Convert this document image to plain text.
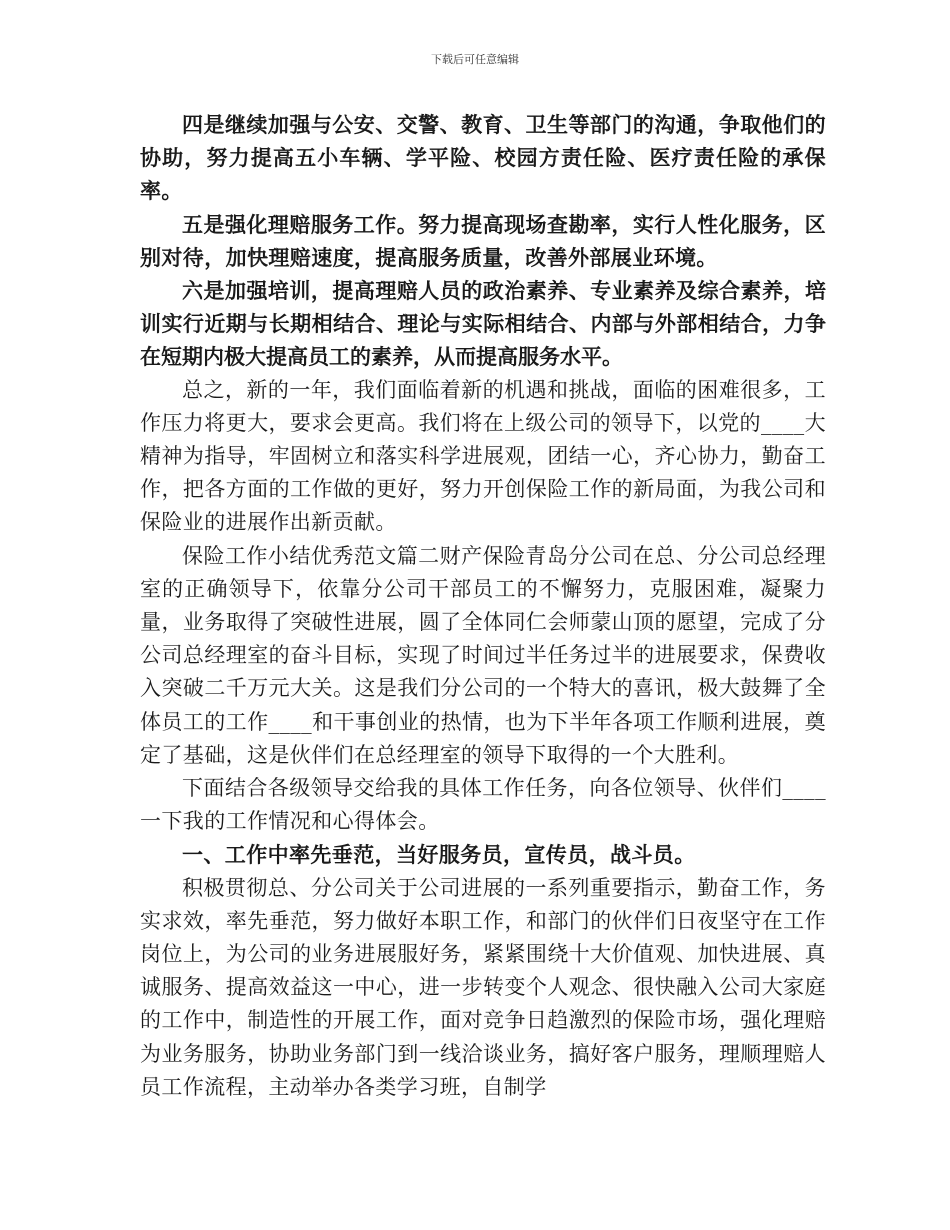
下载后可任意编辑

四是继续加强与公安、交警、教育、卫生等部门的沟通，争取他们的协助，努力提高五小车辆、学平险、校园方责任险、医疗责任险的承保率。

五是强化理赔服务工作。努力提高现场查勘率，实行人性化服务，区别对待，加快理赔速度，提高服务质量，改善外部展业环境。

六是加强培训，提高理赔人员的政治素养、专业素养及综合素养，培训实行近期与长期相结合、理论与实际相结合、内部与外部相结合，力争在短期内极大提高员工的素养，从而提高服务水平。

总之，新的一年，我们面临着新的机遇和挑战，面临的困难很多，工作压力将更大，要求会更高。我们将在上级公司的领导下，以党的____大精神为指导，牢固树立和落实科学进展观，团结一心，齐心协力，勤奋工作，把各方面的工作做的更好，努力开创保险工作的新局面，为我公司和保险业的进展作出新贡献。

保险工作小结优秀范文篇二财产保险青岛分公司在总、分公司总经理室的正确领导下，依靠分公司干部员工的不懈努力，克服困难，凝聚力量，业务取得了突破性进展，圆了全体同仁会师蒙山顶的愿望，完成了分公司总经理室的奋斗目标，实现了时间过半任务过半的进展要求，保费收入突破二千万元大关。这是我们分公司的一个特大的喜讯，极大鼓舞了全体员工的工作____和干事创业的热情，也为下半年各项工作顺利进展，奠定了基础，这是伙伴们在总经理室的领导下取得的一个大胜利。

下面结合各级领导交给我的具体工作任务，向各位领导、伙伴们____一下我的工作情况和心得体会。

一、工作中率先垂范，当好服务员，宣传员，战斗员。

积极贯彻总、分公司关于公司进展的一系列重要指示，勤奋工作，务实求效，率先垂范，努力做好本职工作，和部门的伙伴们日夜坚守在工作岗位上，为公司的业务进展服好务，紧紧围绕十大价值观、加快进展、真诚服务、提高效益这一中心，进一步转变个人观念、很快融入公司大家庭的工作中，制造性的开展工作，面对竞争日趋激烈的保险市场，强化理赔为业务服务，协助业务部门到一线洽谈业务，搞好客户服务，理顺理赔人员工作流程，主动举办各类学习班，自制学
